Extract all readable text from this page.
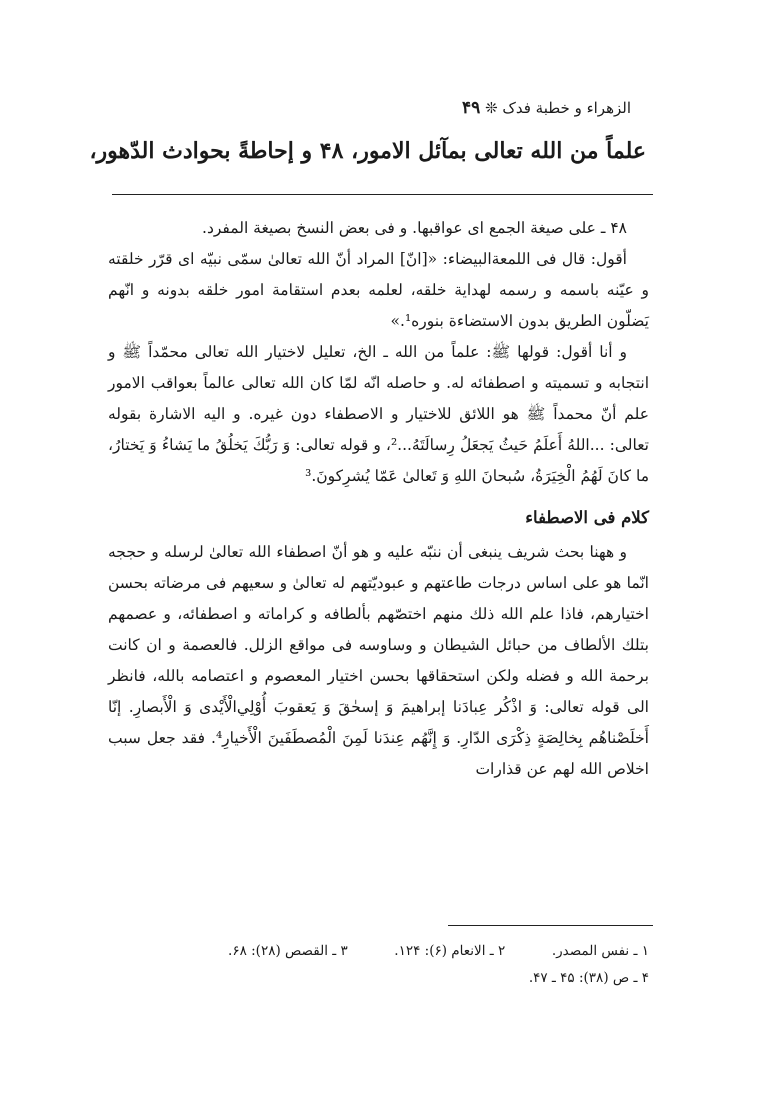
الزهراء و خطبة فدک ❊ ۴۹
علماً من الله تعالى بمآئل الامور، ۴۸ و إحاطةً بحوادث الدّهور،

۴۸ ـ على صيغة الجمع اى عواقبها. و فى بعض النسخ بصيغة المفرد.

أقول: قال فى اللمعةالبيضاء: «[انّ] المراد أنّ الله تعالىٰ سمّى نبيّه اى قرّر خلقته و عيّنه باسمه و رسمه لهداية خلقه، لعلمه بعدم استقامة امور خلقه بدونه و انّهم يَضلّون الطريق بدون الاستضاءة بنوره¹.»

و أنا أقول: قولها ﷺ: علماً من الله ـ الخ، تعليل لاختيار الله تعالى محمّداً ﷺ و انتجابه و تسميته و اصطفائه له. و حاصله انّه لمّا كان الله تعالى عالماً بعواقب الامور علم أنّ محمداً ﷺ هو اللائق للاختيار و الاصطفاء دون غيره. و اليه الاشارة بقوله تعالى: ...اللهُ أَعلَمُ حَيثُ يَجعَلُ رِسالَتَهُ...²، و قوله تعالى: وَ رَبُّكَ يَخلُقُ ما يَشاءُ وَ يَختارُ، ما كانَ لَهُمُ الْخِيَرَةُ، سُبحانَ اللهِ وَ تَعالىٰ عَمّا يُشرِكونَ.³

كلام فى الاصطفاء

و ههنا بحث شريف ينبغى أن ننبّه عليه و هو أنّ اصطفاء الله تعالىٰ لرسله و حججه انّما هو على اساس درجات طاعتهم و عبوديّتهم له تعالىٰ و سعيهم فى مرضاته بحسن اختيارهم، فاذا علم الله ذلك منهم اختصّهم بألطافه و كراماته و اصطفائه، و عصمهم بتلك الألطاف من حبائل الشيطان و وساوسه فى مواقع الزلل. فالعصمة و ان كانت برحمة الله و فضله ولكن استحقاقها بحسن اختيار المعصوم و اعتصامه بالله، فانظر الى قوله تعالى: وَ اذْكُر عِبادَنا إبراهيمَ وَ إسحٰقَ وَ يَعقوبَ أُوْلِي‌الْأَيْدى وَ الْأَبصارِ. إنّا أَخلَصْناهُم بِخالِصَةٍ ذِكْرَى الدّارِ. وَ إِنَّهُم عِندَنا لَمِنَ الْمُصطَفَينَ الْأَخيارِ⁴. فقد جعل سبب اخلاص الله لهم عن قذارات

۱ ـ نفس المصدر.
۲ ـ الانعام (۶): ۱۲۴.
۳ ـ القصص (۲۸): ۶۸.
۴ ـ ص (۳۸): ۴۵ ـ ۴۷.
